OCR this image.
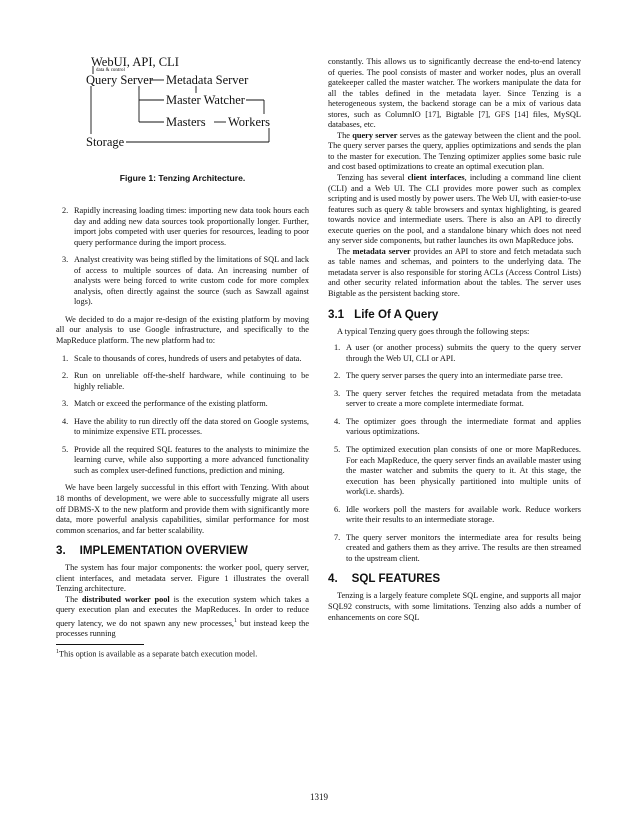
WebUI, API, CLI
data & control
Query Server Metadata Server
Master Watcher
Masters Workers
Storage
Figure 1: Tenzing Architecture.
2. Rapidly increasing loading times: importing new data took hours each day and adding new data sources took proportionally longer. Further, import jobs competed with user queries for resources, leading to poor query performance during the import process.
3. Analyst creativity was being stifled by the limitations of SQL and lack of access to multiple sources of data. An increasing number of analysts were being forced to write custom code for more complex analysis, often directly against the source (such as Sawzall against logs).

We decided to do a major re-design of the existing platform by moving all our analysis to use Google infrastructure, and specifically to the MapReduce platform. The new platform had to:

1. Scale to thousands of cores, hundreds of users and petabytes of data.
2. Run on unreliable off-the-shelf hardware, while continuing to be highly reliable.
3. Match or exceed the performance of the existing platform.
4. Have the ability to run directly off the data stored on Google systems, to minimize expensive ETL processes.
5. Provide all the required SQL features to the analysts to minimize the learning curve, while also supporting a more advanced functionality such as complex user-defined functions, prediction and mining.

We have been largely successful in this effort with Tenzing. With about 18 months of development, we were able to successfully migrate all users off DBMS-X to the new platform and provide them with significantly more data, more powerful analysis capabilities, similar performance for most common scenarios, and far better scalability.

3. IMPLEMENTATION OVERVIEW

The system has four major components: the worker pool, query server, client interfaces, and metadata server. Figure 1 illustrates the overall Tenzing architecture.

The distributed worker pool is the execution system which takes a query execution plan and executes the MapReduces. In order to reduce query latency, we do not spawn any new processes,$^1$ but instead keep the processes running

$^1$This option is available as a separate batch execution model.

constantly. This allows us to significantly decrease the end-to-end latency of queries. The pool consists of master and worker nodes, plus an overall gatekeeper called the master watcher. The workers manipulate the data for all the tables defined in the metadata layer. Since Tenzing is a heterogeneous system, the backend storage can be a mix of various data stores, such as ColumnIO [17], Bigtable [7], GFS [14] files, MySQL databases, etc.

The query server serves as the gateway between the client and the pool. The query server parses the query, applies optimizations and sends the plan to the master for execution. The Tenzing optimizer applies some basic rule and cost based optimizations to create an optimal execution plan.

Tenzing has several client interfaces, including a command line client (CLI) and a Web UI. The CLI provides more power such as complex scripting and is used mostly by power users. The Web UI, with easier-to-use features such as query & table browsers and syntax highlighting, is geared towards novice and intermediate users. There is also an API to directly execute queries on the pool, and a standalone binary which does not need any server side components, but rather launches its own MapReduce jobs.

The metadata server provides an API to store and fetch metadata such as table names and schemas, and pointers to the underlying data. The metadata server is also responsible for storing ACLs (Access Control Lists) and other security related information about the tables. The server uses Bigtable as the persistent backing store.

3.1 Life Of A Query

A typical Tenzing query goes through the following steps:

1. A user (or another process) submits the query to the query server through the Web UI, CLI or API.
2. The query server parses the query into an intermediate parse tree.
3. The query server fetches the required metadata from the metadata server to create a more complete intermediate format.
4. The optimizer goes through the intermediate format and applies various optimizations.
5. The optimized execution plan consists of one or more MapReduces. For each MapReduce, the query server finds an available master using the master watcher and submits the query to it. At this stage, the execution has been physically partitioned into multiple units of work(i.e. shards).
6. Idle workers poll the masters for available work. Reduce workers write their results to an intermediate storage.
7. The query server monitors the intermediate area for results being created and gathers them as they arrive. The results are then streamed to the upstream client.
4. SQL FEATURES

Tenzing is a largely feature complete SQL engine, and supports all major SQL92 constructs, with some limitations. Tenzing also adds a number of enhancements on core SQL

1319
